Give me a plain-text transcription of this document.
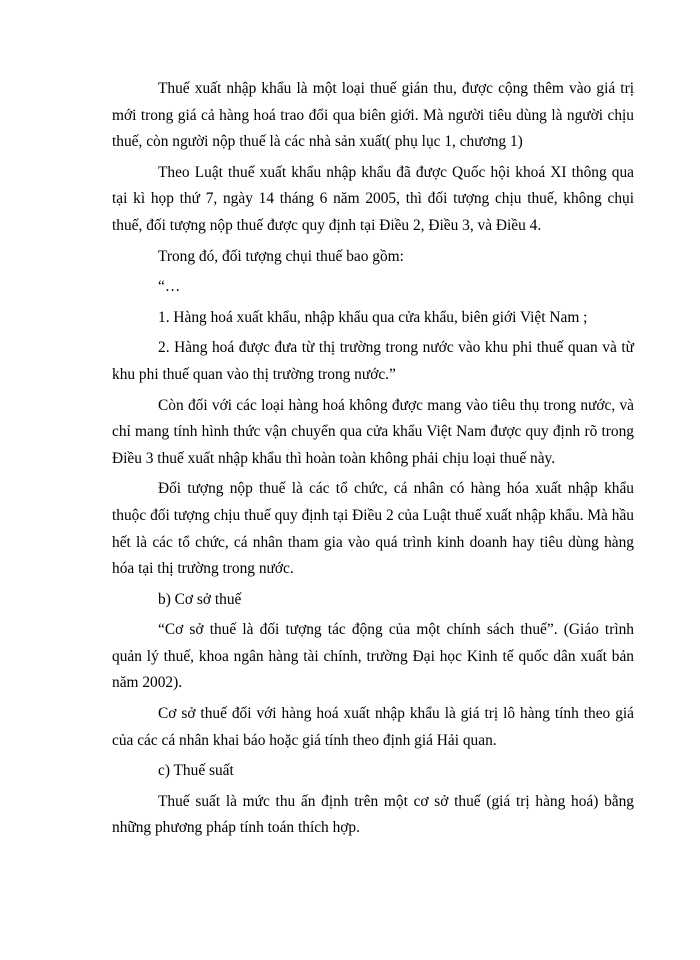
Thuế xuất nhập khẩu là một loại thuế gián thu, được cộng thêm vào giá trị mới trong giá cả hàng hoá trao đổi qua biên giới. Mà người tiêu dùng là người chịu thuế, còn người nộp thuế là các nhà sản xuất( phụ lục 1, chương 1)

Theo Luật thuế xuất khẩu nhập khẩu đã được Quốc hội khoá XI thông qua tại kì họp thứ 7, ngày 14 tháng 6 năm 2005, thì đối tượng chịu thuế, không chụi thuế, đối tượng nộp thuế được quy định tại Điều 2, Điều 3, và Điều 4.

Trong đó, đối tượng chụi thuế bao gồm:

“…

1. Hàng hoá xuất khẩu, nhập khẩu qua cửa khẩu, biên giới Việt Nam ;

2. Hàng hoá được đưa từ thị trường trong nước vào khu phi thuế quan và từ khu phi thuế quan vào thị trường trong nước.”

Còn đối với các loại hàng hoá không được mang vào tiêu thụ trong nước, và chỉ mang tính hình thức vận chuyển qua cửa khẩu Việt Nam được quy định rõ trong Điều 3 thuế xuất nhập khẩu thì hoàn toàn không phải chịu loại thuế này.

Đối tượng nộp thuế là các tổ chức, cá nhân có hàng hóa xuất nhập khẩu thuộc đối tượng chịu thuế quy định tại Điều 2 của Luật thuế xuất nhập khẩu. Mà hầu hết là các tổ chức, cá nhân tham gia vào quá trình kinh doanh hay tiêu dùng hàng hóa tại thị trường trong nước.

b) Cơ sở thuế

“Cơ sở thuế là đối tượng tác động của một chính sách thuế”. (Giáo trình quản lý thuế, khoa ngân hàng tài chính, trường Đại học Kinh tế quốc dân xuất bản năm 2002).

Cơ sở thuế đối với hàng hoá xuất nhập khẩu là giá trị lô hàng tính theo giá của các cá nhân khai báo hoặc giá tính theo định giá Hải quan.

c) Thuế suất

Thuế suất là mức thu ấn định trên một cơ sở thuế (giá trị hàng hoá) bằng những phương pháp tính toán thích hợp.
